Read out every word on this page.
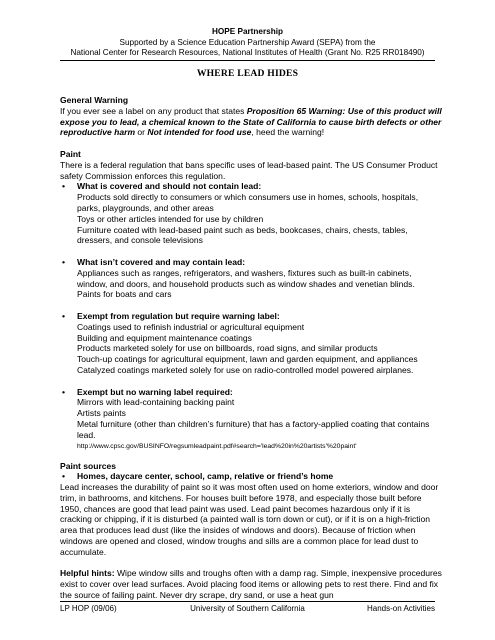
HOPE Partnership
Supported by a Science Education Partnership Award (SEPA) from the
National Center for Research Resources, National Institutes of Health (Grant No. R25 RR018490)
WHERE LEAD HIDES
General Warning
If you ever see a label on any product that states Proposition 65 Warning: Use of this product will expose you to lead, a chemical known to the State of California to cause birth defects or other reproductive harm or Not intended for food use, heed the warning!
Paint
There is a federal regulation that bans specific uses of lead-based paint. The US Consumer Product safety Commission enforces this regulation.
• What is covered and should not contain lead:
Products sold directly to consumers or which consumers use in homes, schools, hospitals, parks, playgrounds, and other areas
Toys or other articles intended for use by children
Furniture coated with lead-based paint such as beds, bookcases, chairs, chests, tables, dressers, and console televisions
• What isn’t covered and may contain lead:
Appliances such as ranges, refrigerators, and washers, fixtures such as built-in cabinets, window, and doors, and household products such as window shades and venetian blinds.
Paints for boats and cars
• Exempt from regulation but require warning label:
Coatings used to refinish industrial or agricultural equipment
Building and equipment maintenance coatings
Products marketed solely for use on billboards, road signs, and similar products
Touch-up coatings for agricultural equipment, lawn and garden equipment, and appliances
Catalyzed coatings marketed solely for use on radio-controlled model powered airplanes.
• Exempt but no warning label required:
Mirrors with lead-containing backing paint
Artists paints
Metal furniture (other than children’s furniture) that has a factory-applied coating that contains lead.
http://www.cpsc.gov/BUSINFO/regsumleadpaint.pdf#search='lead%20in%20artists'%20paint'
Paint sources
• Homes, daycare center, school, camp, relative or friend’s home
Lead increases the durability of paint so it was most often used on home exteriors, window and door trim, in bathrooms, and kitchens. For houses built before 1978, and especially those built before 1950, chances are good that lead paint was used. Lead paint becomes hazardous only if it is cracking or chipping, if it is disturbed (a painted wall is torn down or cut), or if it is on a high-friction area that produces lead dust (like the insides of windows and doors). Because of friction when windows are opened and closed, window troughs and sills are a common place for lead dust to accumulate.
Helpful hints: Wipe window sills and troughs often with a damp rag. Simple, inexpensive procedures exist to cover over lead surfaces. Avoid placing food items or allowing pets to rest there. Find and fix the source of failing paint. Never dry scrape, dry sand, or use a heat gun
LP HOP (09/06)	University of Southern California	Hands-on Activities
